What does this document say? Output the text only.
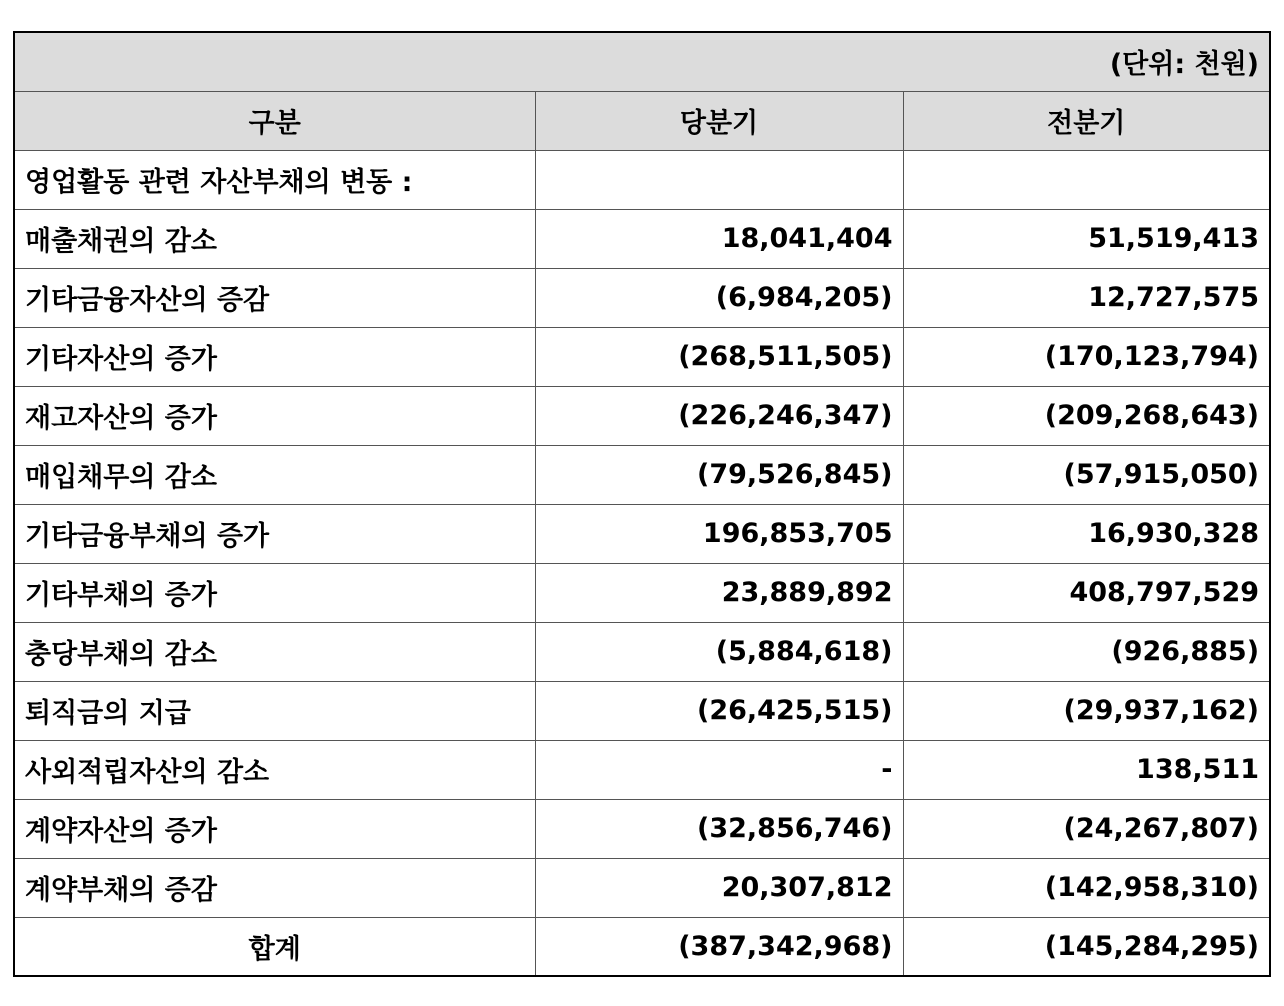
(단위: 천원)		
구분	당분기	전분기
영업활동 관련 자산부채의 변동 :		
매출채권의 감소	18,041,404	51,519,413
기타금융자산의 증감	(6,984,205)	12,727,575
기타자산의 증가	(268,511,505)	(170,123,794)
재고자산의 증가	(226,246,347)	(209,268,643)
매입채무의 감소	(79,526,845)	(57,915,050)
기타금융부채의 증가	196,853,705	16,930,328
기타부채의 증가	23,889,892	408,797,529
충당부채의 감소	(5,884,618)	(926,885)
퇴직금의 지급	(26,425,515)	(29,937,162)
사외적립자산의 감소	-	138,511
계약자산의 증가	(32,856,746)	(24,267,807)
계약부채의 증감	20,307,812	(142,958,310)
합계	(387,342,968)	(145,284,295)
